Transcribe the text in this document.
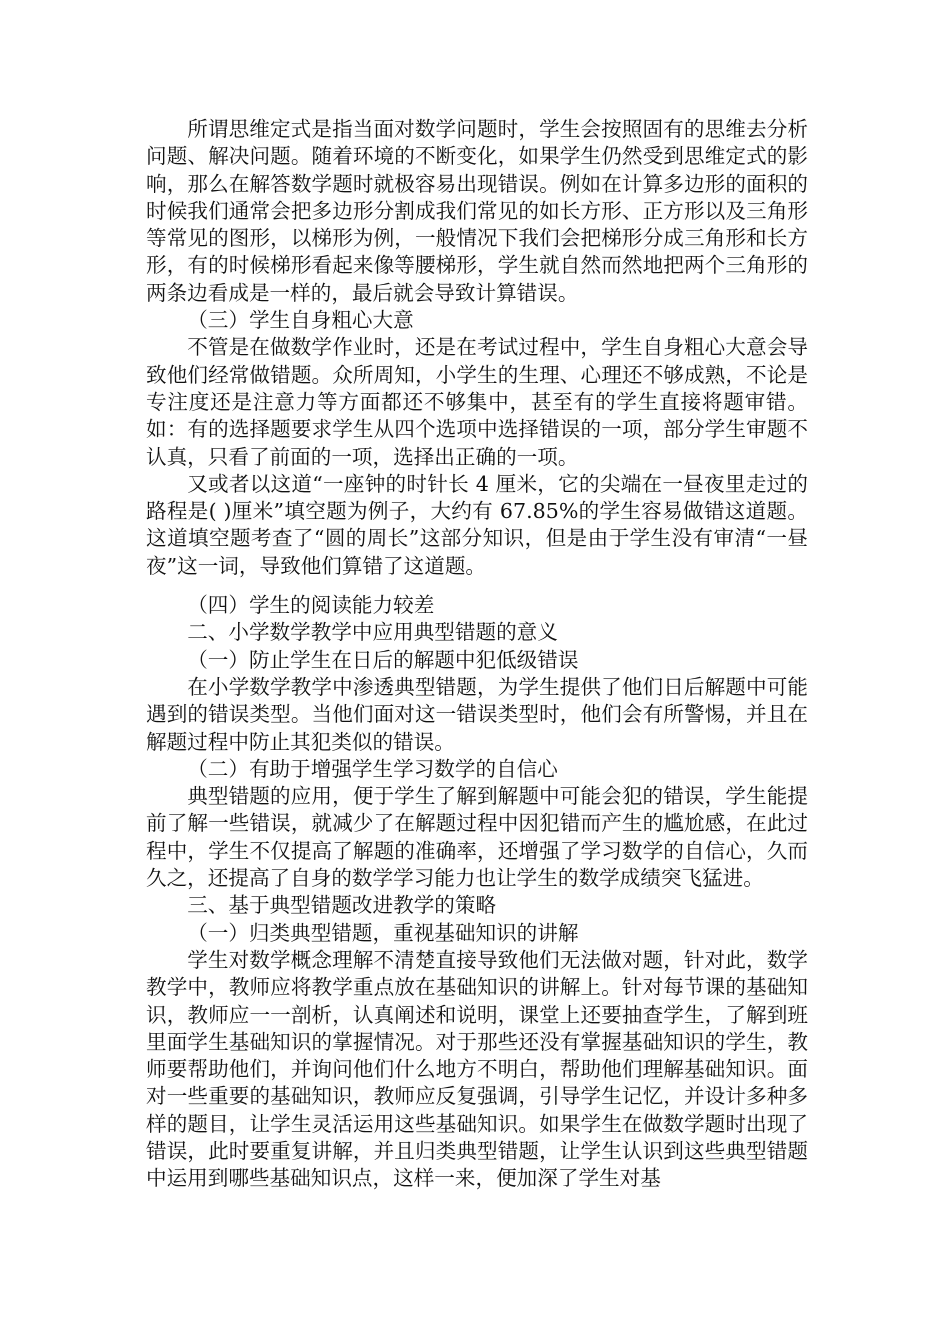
所谓思维定式是指当面对数学问题时，学生会按照固有的思维去分析问题、解决问题。随着环境的不断变化，如果学生仍然受到思维定式的影响，那么在解答数学题时就极容易出现错误。例如在计算多边形的面积的时候我们通常会把多边形分割成我们常见的如长方形、正方形以及三角形等常见的图形，以梯形为例，一般情况下我们会把梯形分成三角形和长方形，有的时候梯形看起来像等腰梯形，学生就自然而然地把两个三角形的两条边看成是一样的，最后就会导致计算错误。

（三）学生自身粗心大意

不管是在做数学作业时，还是在考试过程中，学生自身粗心大意会导致他们经常做错题。众所周知，小学生的生理、心理还不够成熟，不论是专注度还是注意力等方面都还不够集中，甚至有的学生直接将题审错。如：有的选择题要求学生从四个选项中选择错误的一项，部分学生审题不认真，只看了前面的一项，选择出正确的一项。

又或者以这道“一座钟的时针长 4 厘米，它的尖端在一昼夜里走过的路程是( )厘米”填空题为例子，大约有 67.85%的学生容易做错这道题。这道填空题考查了“圆的周长”这部分知识，但是由于学生没有审清“一昼夜”这一词，导致他们算错了这道题。

（四）学生的阅读能力较差

二、小学数学教学中应用典型错题的意义

（一）防止学生在日后的解题中犯低级错误

在小学数学教学中渗透典型错题，为学生提供了他们日后解题中可能遇到的错误类型。当他们面对这一错误类型时，他们会有所警惕，并且在解题过程中防止其犯类似的错误。

（二）有助于增强学生学习数学的自信心

典型错题的应用，便于学生了解到解题中可能会犯的错误，学生能提前了解一些错误，就减少了在解题过程中因犯错而产生的尴尬感，在此过程中，学生不仅提高了解题的准确率，还增强了学习数学的自信心，久而久之，还提高了自身的数学学习能力也让学生的数学成绩突飞猛进。

三、基于典型错题改进教学的策略

（一）归类典型错题，重视基础知识的讲解

学生对数学概念理解不清楚直接导致他们无法做对题，针对此，数学教学中，教师应将教学重点放在基础知识的讲解上。针对每节课的基础知识，教师应一一剖析，认真阐述和说明，课堂上还要抽查学生，了解到班里面学生基础知识的掌握情况。对于那些还没有掌握基础知识的学生，教师要帮助他们，并询问他们什么地方不明白，帮助他们理解基础知识。面对一些重要的基础知识，教师应反复强调，引导学生记忆，并设计多种多样的题目，让学生灵活运用这些基础知识。如果学生在做数学题时出现了错误，此时要重复讲解，并且归类典型错题，让学生认识到这些典型错题中运用到哪些基础知识点，这样一来，便加深了学生对基
